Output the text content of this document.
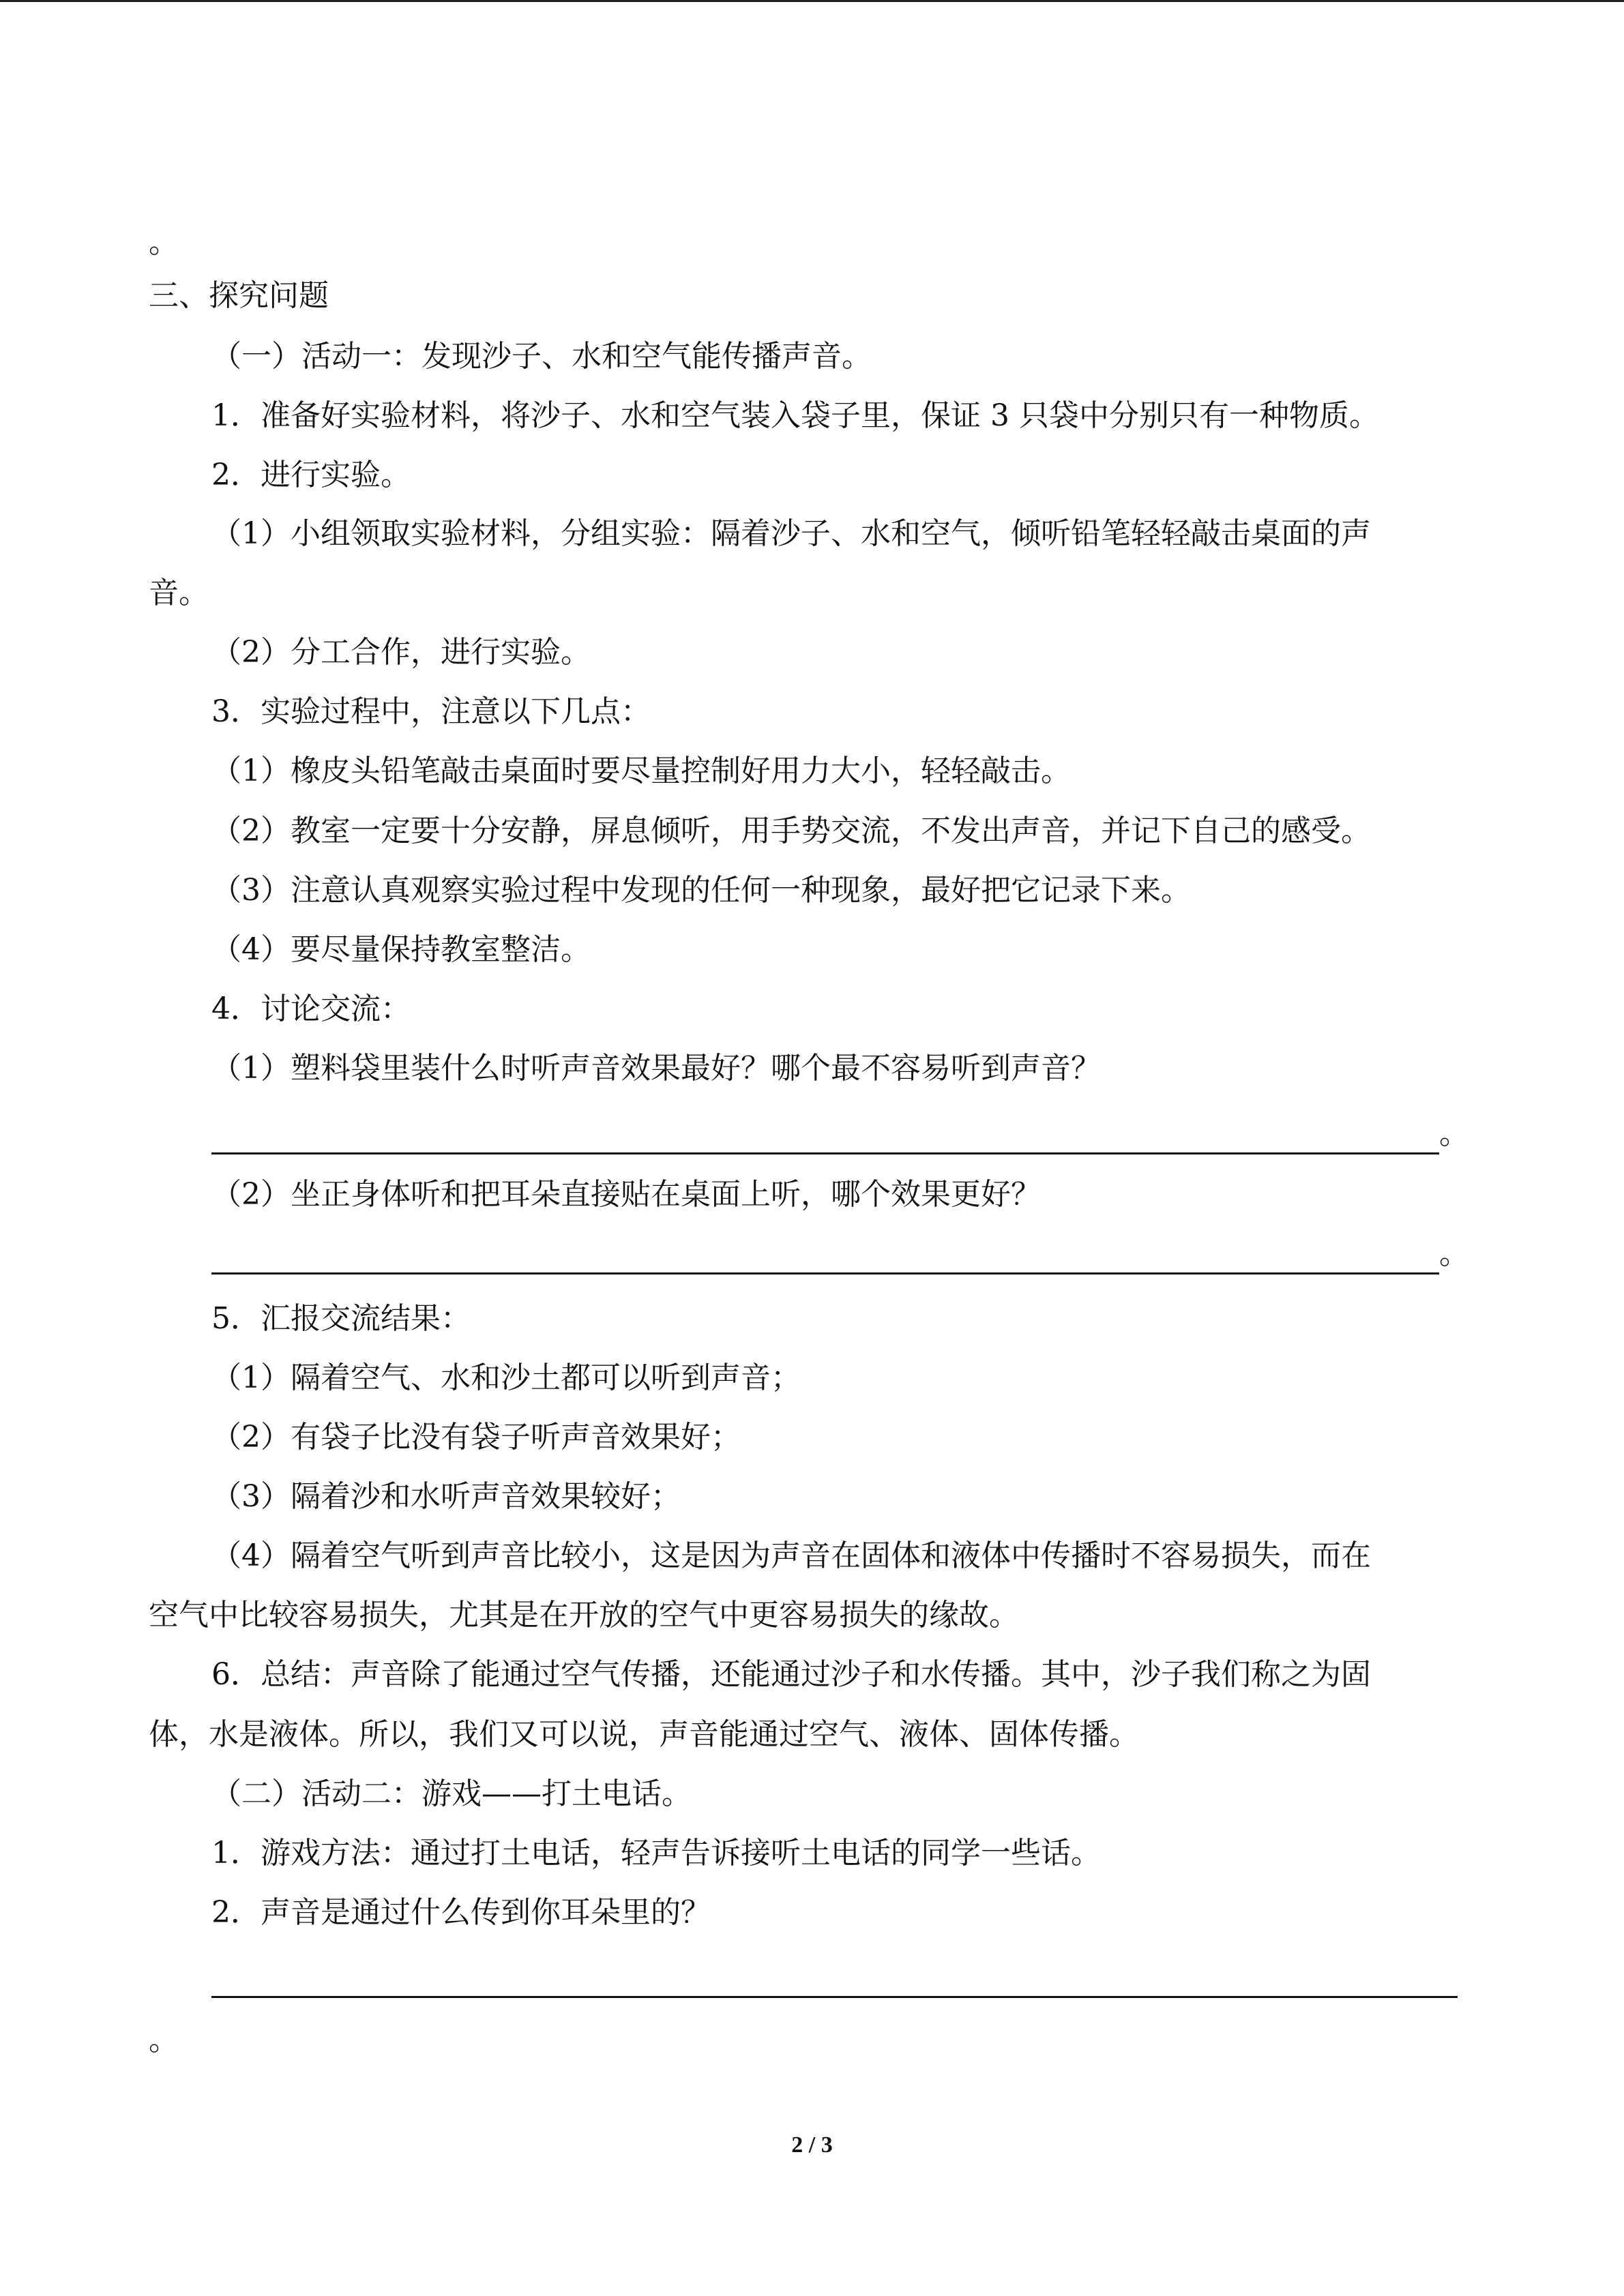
。
三、探究问题
（一）活动一：发现沙子、水和空气能传播声音。
1．准备好实验材料，将沙子、水和空气装入袋子里，保证 3 只袋中分别只有一种物质。
2．进行实验。
（1）小组领取实验材料，分组实验：隔着沙子、水和空气，倾听铅笔轻轻敲击桌面的声
音。
（2）分工合作，进行实验。
3．实验过程中，注意以下几点：
（1）橡皮头铅笔敲击桌面时要尽量控制好用力大小，轻轻敲击。
（2）教室一定要十分安静，屏息倾听，用手势交流，不发出声音，并记下自己的感受。
（3）注意认真观察实验过程中发现的任何一种现象，最好把它记录下来。
（4）要尽量保持教室整洁。
4．讨论交流：
（1）塑料袋里装什么时听声音效果最好？哪个最不容易听到声音？
。
（2）坐正身体听和把耳朵直接贴在桌面上听，哪个效果更好？
。
5．汇报交流结果：
（1）隔着空气、水和沙土都可以听到声音；
（2）有袋子比没有袋子听声音效果好；
（3）隔着沙和水听声音效果较好；
（4）隔着空气听到声音比较小，这是因为声音在固体和液体中传播时不容易损失，而在
空气中比较容易损失，尤其是在开放的空气中更容易损失的缘故。
6．总结：声音除了能通过空气传播，还能通过沙子和水传播。其中，沙子我们称之为固
体，水是液体。所以，我们又可以说，声音能通过空气、液体、固体传播。
（二）活动二：游戏——打土电话。
1．游戏方法：通过打土电话，轻声告诉接听土电话的同学一些话。
2．声音是通过什么传到你耳朵里的？
。
2 / 3
